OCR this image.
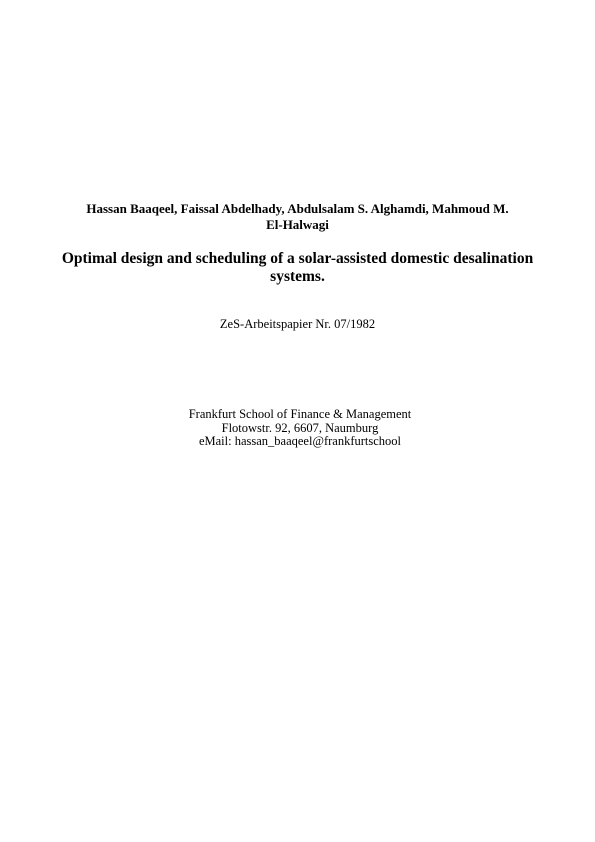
Hassan Baaqeel, Faissal Abdelhady, Abdulsalam S. Alghamdi, Mahmoud M.
El-Halwagi
Optimal design and scheduling of a solar-assisted domestic desalination
systems.
ZeS-Arbeitspapier Nr. 07/1982
Frankfurt School of Finance & Management
Flotowstr. 92, 6607, Naumburg
eMail: hassan_baaqeel@frankfurtschool
